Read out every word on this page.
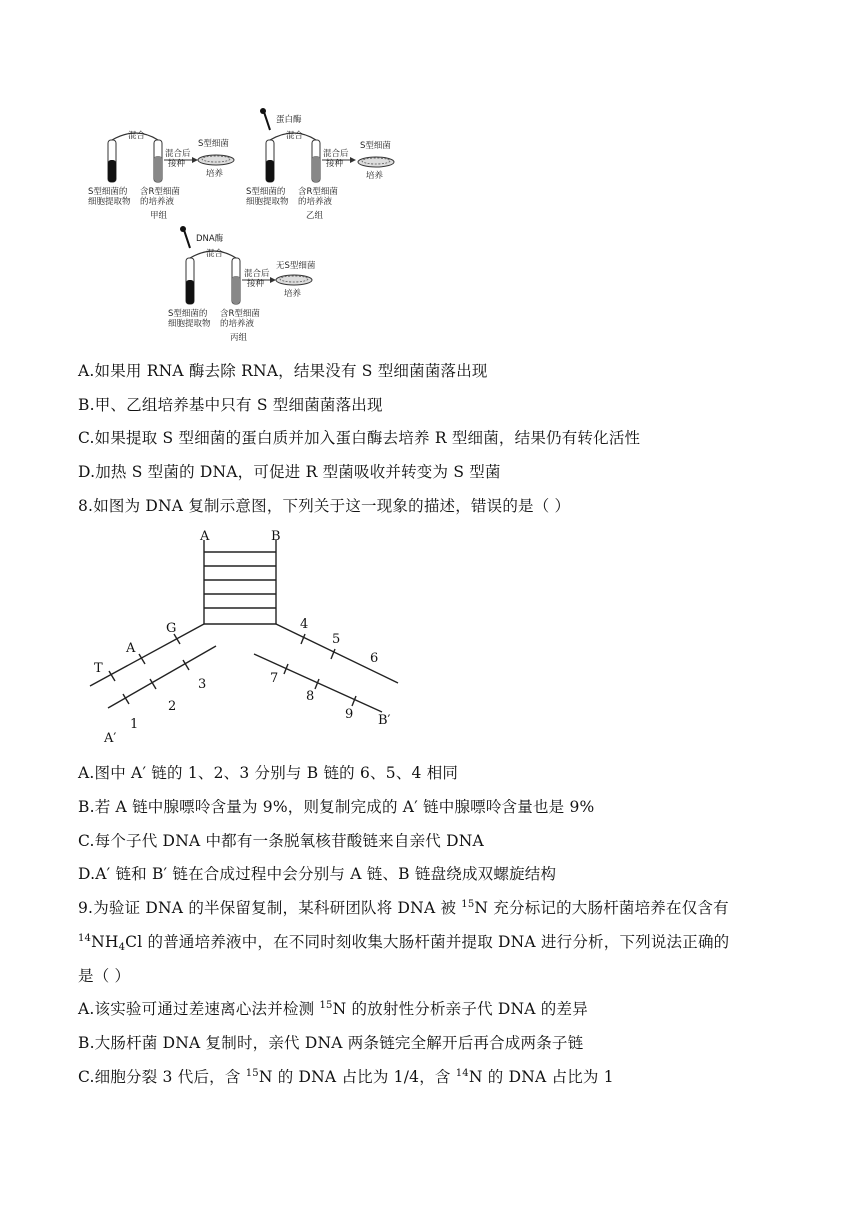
混合
混合后
接种
S型细菌
培养
S型细菌的
细胞提取物
含R型细菌
的培养液
甲组
蛋白酶
混合
混合后
接种
S型细菌
培养
S型细菌的
细胞提取物
含R型细菌
的培养液
乙组
DNA酶
混合
混合后
接种
无S型细菌
培养
S型细菌的
细胞提取物
含R型细菌
的培养液
丙组
A.如果用 RNA 酶去除 RNA，结果没有 S 型细菌菌落出现
B.甲、乙组培养基中只有 S 型细菌菌落出现
C.如果提取 S 型细菌的蛋白质并加入蛋白酶去培养 R 型细菌，结果仍有转化活性
D.加热 S 型菌的 DNA，可促进 R 型菌吸收并转变为 S 型菌
8.如图为 DNA 复制示意图，下列关于这一现象的描述，错误的是（ ）
A	B
G
A
T
3
2
1
A′
4
5
6
7
8
9 B′
A.图中 A′ 链的 1、2、3 分别与 B 链的 6、5、4 相同
B.若 A 链中腺嘌呤含量为 9%，则复制完成的 A′ 链中腺嘌呤含量也是 9%
C.每个子代 DNA 中都有一条脱氧核苷酸链来自亲代 DNA
D.A′ 链和 B′ 链在合成过程中会分别与 A 链、B 链盘绕成双螺旋结构
9.为验证 DNA 的半保留复制，某科研团队将 DNA 被 $^{15}$N 充分标记的大肠杆菌培养在仅含有
$^{14}NH_4Cl$ 的普通培养液中，在不同时刻收集大肠杆菌并提取 DNA 进行分析，下列说法正确的
是（ ）
A.该实验可通过差速离心法并检测 $^{15}$N 的放射性分析亲子代 DNA 的差异
B.大肠杆菌 DNA 复制时，亲代 DNA 两条链完全解开后再合成两条子链
C.细胞分裂 3 代后，含 $^{15}$N 的 DNA 占比为 1/4，含 $^{14}$N 的 DNA 占比为 1
